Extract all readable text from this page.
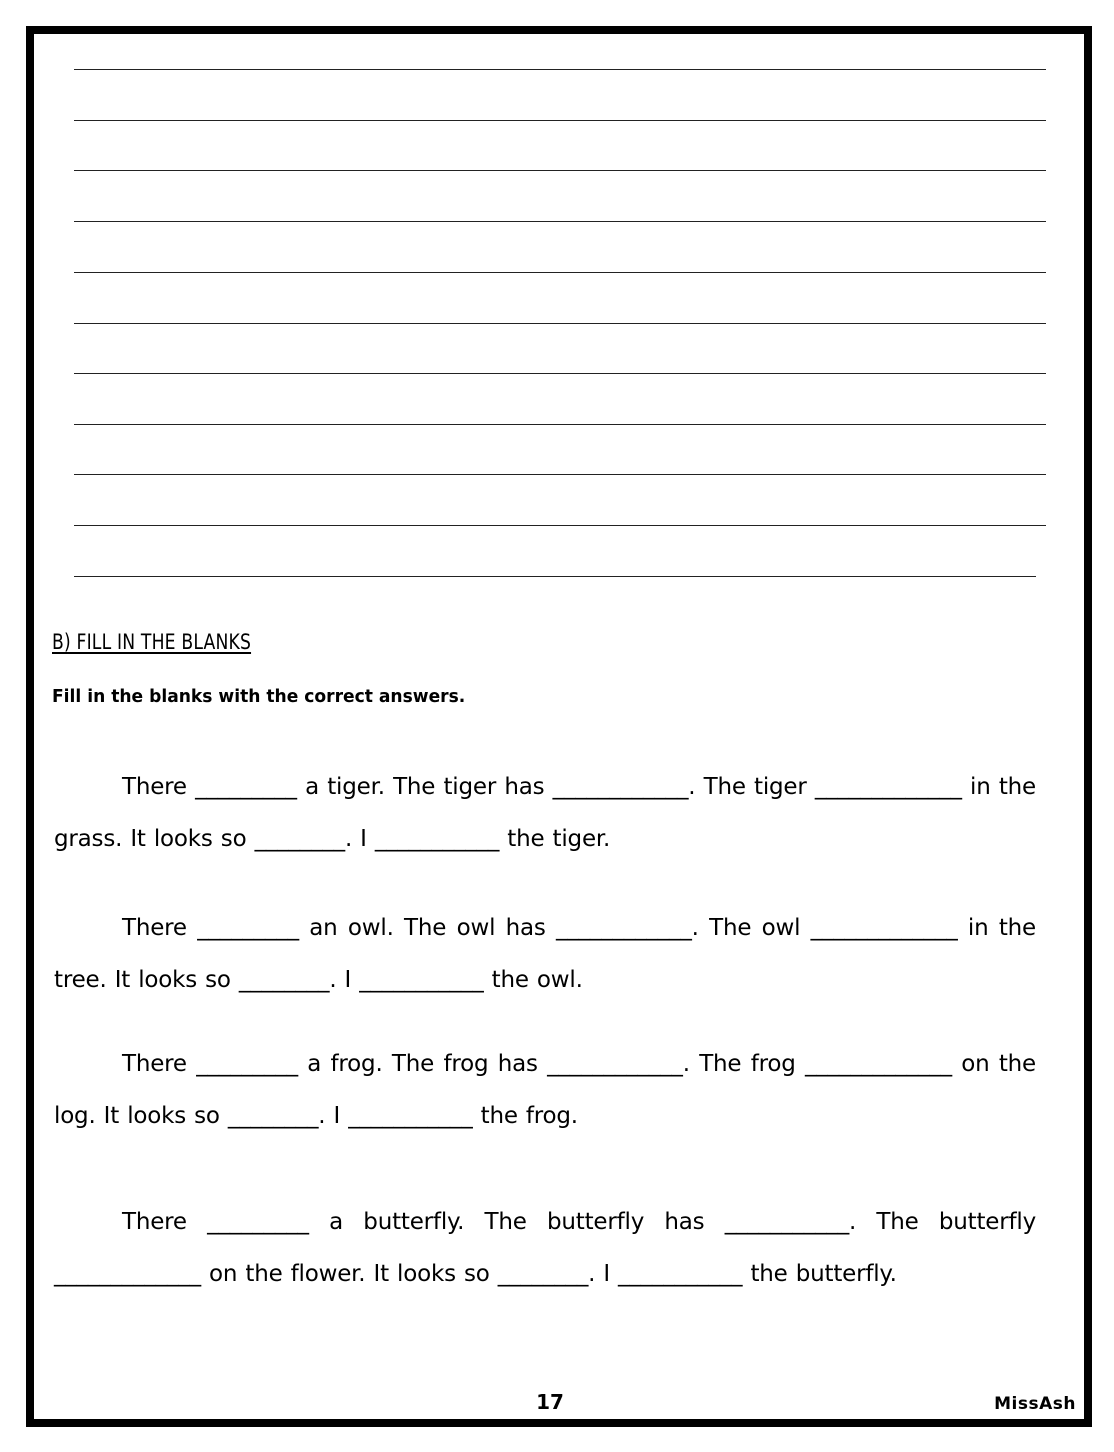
B) FILL IN THE BLANKS
Fill in the blanks with the correct answers.
There _________ a tiger. The tiger has ____________. The tiger _____________ in the grass. It looks so ________. I ___________ the tiger.
There _________ an owl. The owl has ____________. The owl _____________ in the tree. It looks so ________. I ___________ the owl.
There _________ a frog. The frog has ____________. The frog _____________ on the log. It looks so ________. I ___________ the frog.
There _________ a butterfly. The butterfly has ___________. The butterfly _____________ on the flower. It looks so ________. I ___________ the butterfly.
17	MissAsh
